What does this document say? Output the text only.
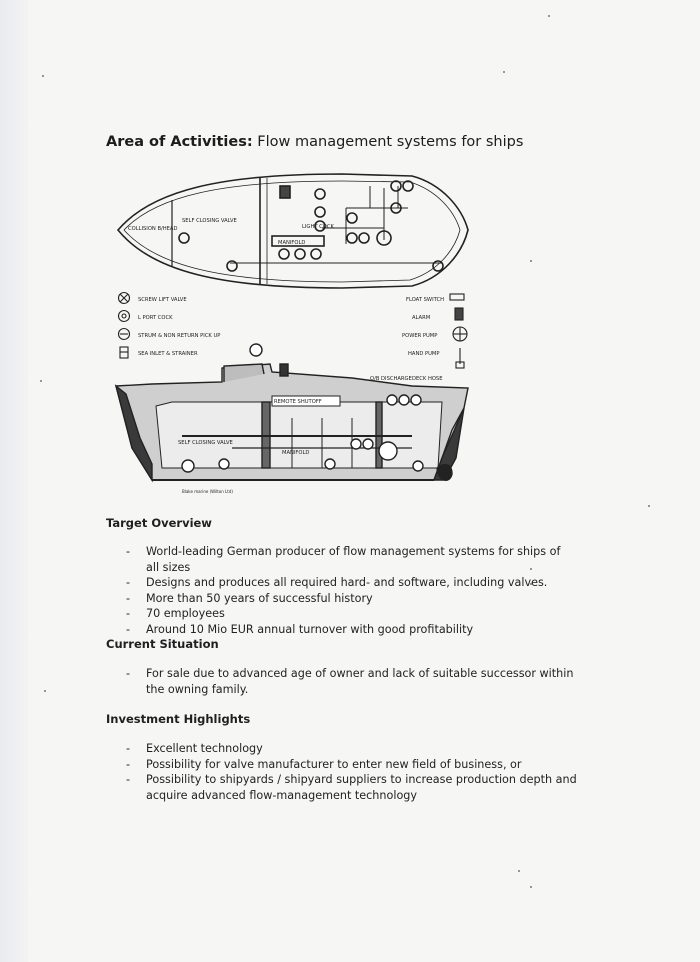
Area of Activities: Flow management systems for ships
COLLISION B/HEAD
SELF CLOSING VALVE
LIGHT COCK
MANIFOLD
SCREW LIFT VALVE
L PORT COCK
STRUM & NON RETURN PICK UP
SEA INLET & STRAINER
FLOAT SWITCH
ALARM
POWER PUMP
HAND PUMP
REMOTE SHUTOFF
O/B DISCHARGE DECK HOSE
SELF CLOSING VALVE
MANIFOLD
Blake marine (Wilton Ltd)
Target Overview
- World-leading German producer of flow management systems for ships of all sizes
- Designs and produces all required hard- and software, including valves.
- More than 50 years of successful history
- 70 employees
- Around 10 Mio EUR annual turnover with good profitability
Current Situation
- For sale due to advanced age of owner and lack of suitable successor within the owning family.
Investment Highlights
- Excellent technology
- Possibility for valve manufacturer to enter new field of business, or
- Possibility to shipyards / shipyard suppliers to increase production depth and acquire advanced flow-management technology
